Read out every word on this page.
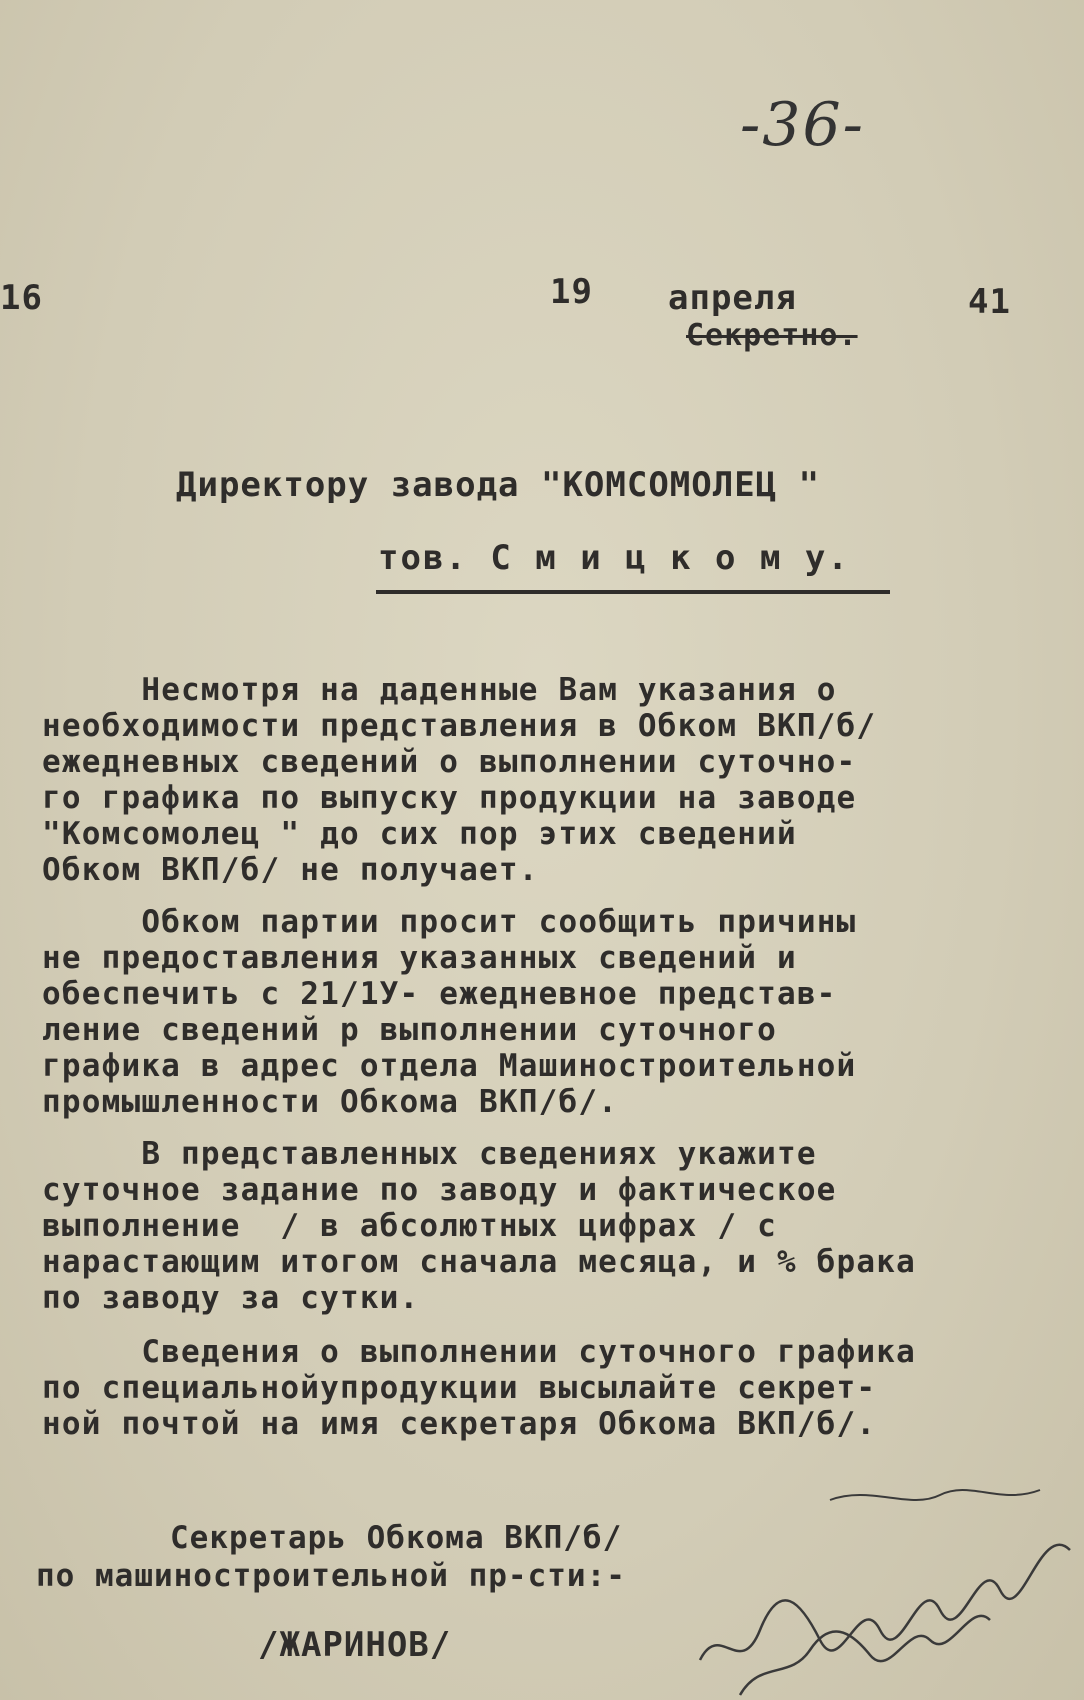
-36-
16	19 апреля	41
Секретно.
Директору завода "КОМСОМОЛЕЦ "
тов. С м и ц к о м у.
Несмотря на даденные Вам указания о
необходимости представления в Обком ВКП/б/
ежедневных сведений о выполнении суточно-
го графика по выпуску продукции на заводе
"Комсомолец " до сих пор этих сведений
Обком ВКП/б/ не получает.
Обком партии просит сообщить причины
не предоставления указанных сведений и
обеспечить с 21/1У- ежедневное представ-
ление сведений р выполнении суточного
графика в адрес отдела Машиностроительной
промышленности Обкома ВКП/б/.
В представленных сведениях укажите
суточное задание по заводу и фактическое
выполнение  / в абсолютных цифрах / с
нарастающим итогом сначала месяца, и % брака
по заводу за сутки.
Сведения о выполнении суточного графика
по специальнойупродукции высылайте секрет-
ной почтой на имя секретаря Обкома ВКП/б/.
Секретарь Обкома ВКП/б/
по машиностроительной пр-сти:-
/ЖАРИНОВ/
